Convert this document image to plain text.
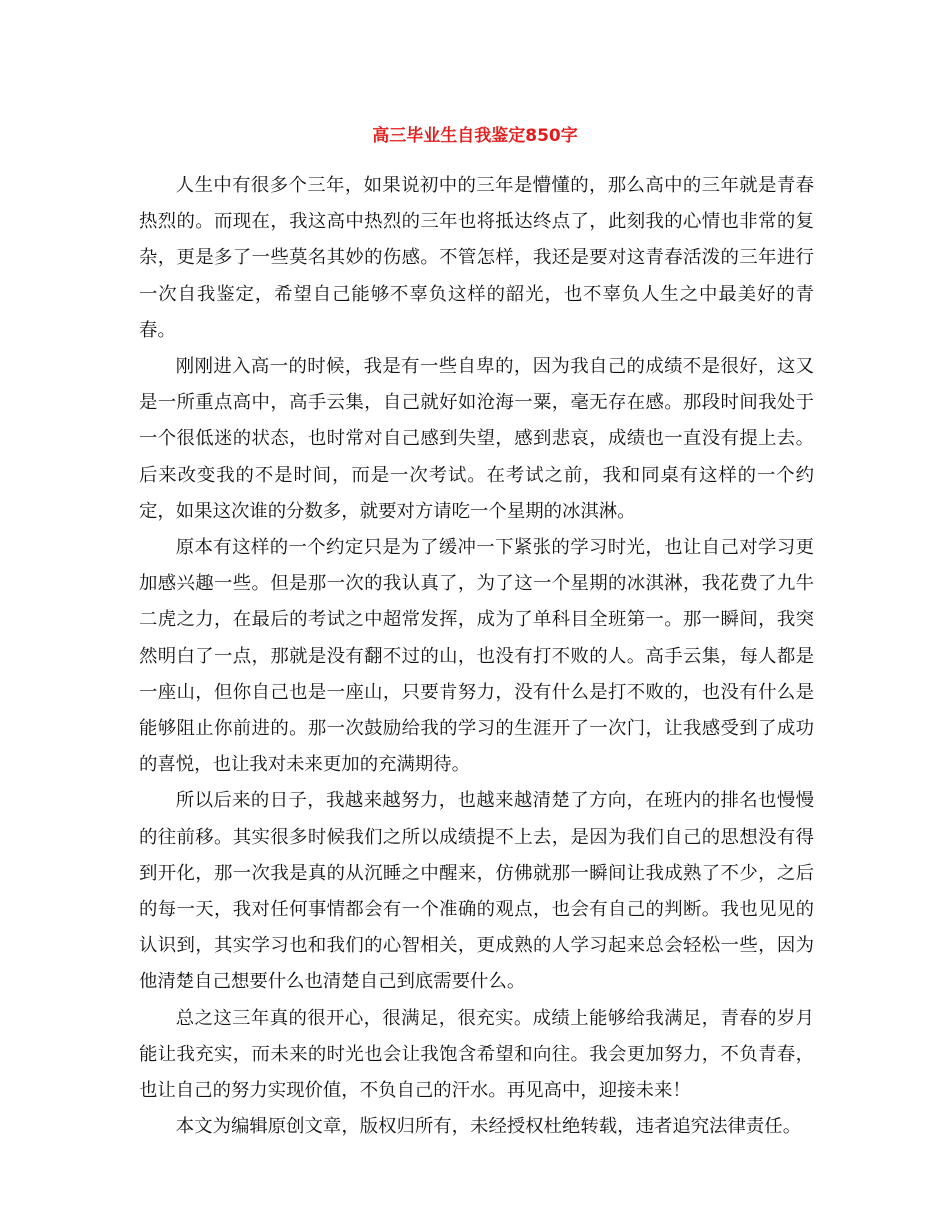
高三毕业生自我鉴定850字

人生中有很多个三年，如果说初中的三年是懵懂的，那么高中的三年就是青春热烈的。而现在，我这高中热烈的三年也将抵达终点了，此刻我的心情也非常的复杂，更是多了一些莫名其妙的伤感。不管怎样，我还是要对这青春活泼的三年进行一次自我鉴定，希望自己能够不辜负这样的韶光，也不辜负人生之中最美好的青春。

刚刚进入高一的时候，我是有一些自卑的，因为我自己的成绩不是很好，这又是一所重点高中，高手云集，自己就好如沧海一粟，毫无存在感。那段时间我处于一个很低迷的状态，也时常对自己感到失望，感到悲哀，成绩也一直没有提上去。后来改变我的不是时间，而是一次考试。在考试之前，我和同桌有这样的一个约定，如果这次谁的分数多，就要对方请吃一个星期的冰淇淋。

原本有这样的一个约定只是为了缓冲一下紧张的学习时光，也让自己对学习更加感兴趣一些。但是那一次的我认真了，为了这一个星期的冰淇淋，我花费了九牛二虎之力，在最后的考试之中超常发挥，成为了单科目全班第一。那一瞬间，我突然明白了一点，那就是没有翻不过的山，也没有打不败的人。高手云集，每人都是一座山，但你自己也是一座山，只要肯努力，没有什么是打不败的，也没有什么是能够阻止你前进的。那一次鼓励给我的学习的生涯开了一次门，让我感受到了成功的喜悦，也让我对未来更加的充满期待。

所以后来的日子，我越来越努力，也越来越清楚了方向，在班内的排名也慢慢的往前移。其实很多时候我们之所以成绩提不上去，是因为我们自己的思想没有得到开化，那一次我是真的从沉睡之中醒来，仿佛就那一瞬间让我成熟了不少，之后的每一天，我对任何事情都会有一个准确的观点，也会有自己的判断。我也见见的认识到，其实学习也和我们的心智相关，更成熟的人学习起来总会轻松一些，因为他清楚自己想要什么也清楚自己到底需要什么。

总之这三年真的很开心，很满足，很充实。成绩上能够给我满足，青春的岁月能让我充实，而未来的时光也会让我饱含希望和向往。我会更加努力，不负青春，也让自己的努力实现价值，不负自己的汗水。再见高中，迎接未来！

本文为编辑原创文章，版权归所有，未经授权杜绝转载，违者追究法律责任。
